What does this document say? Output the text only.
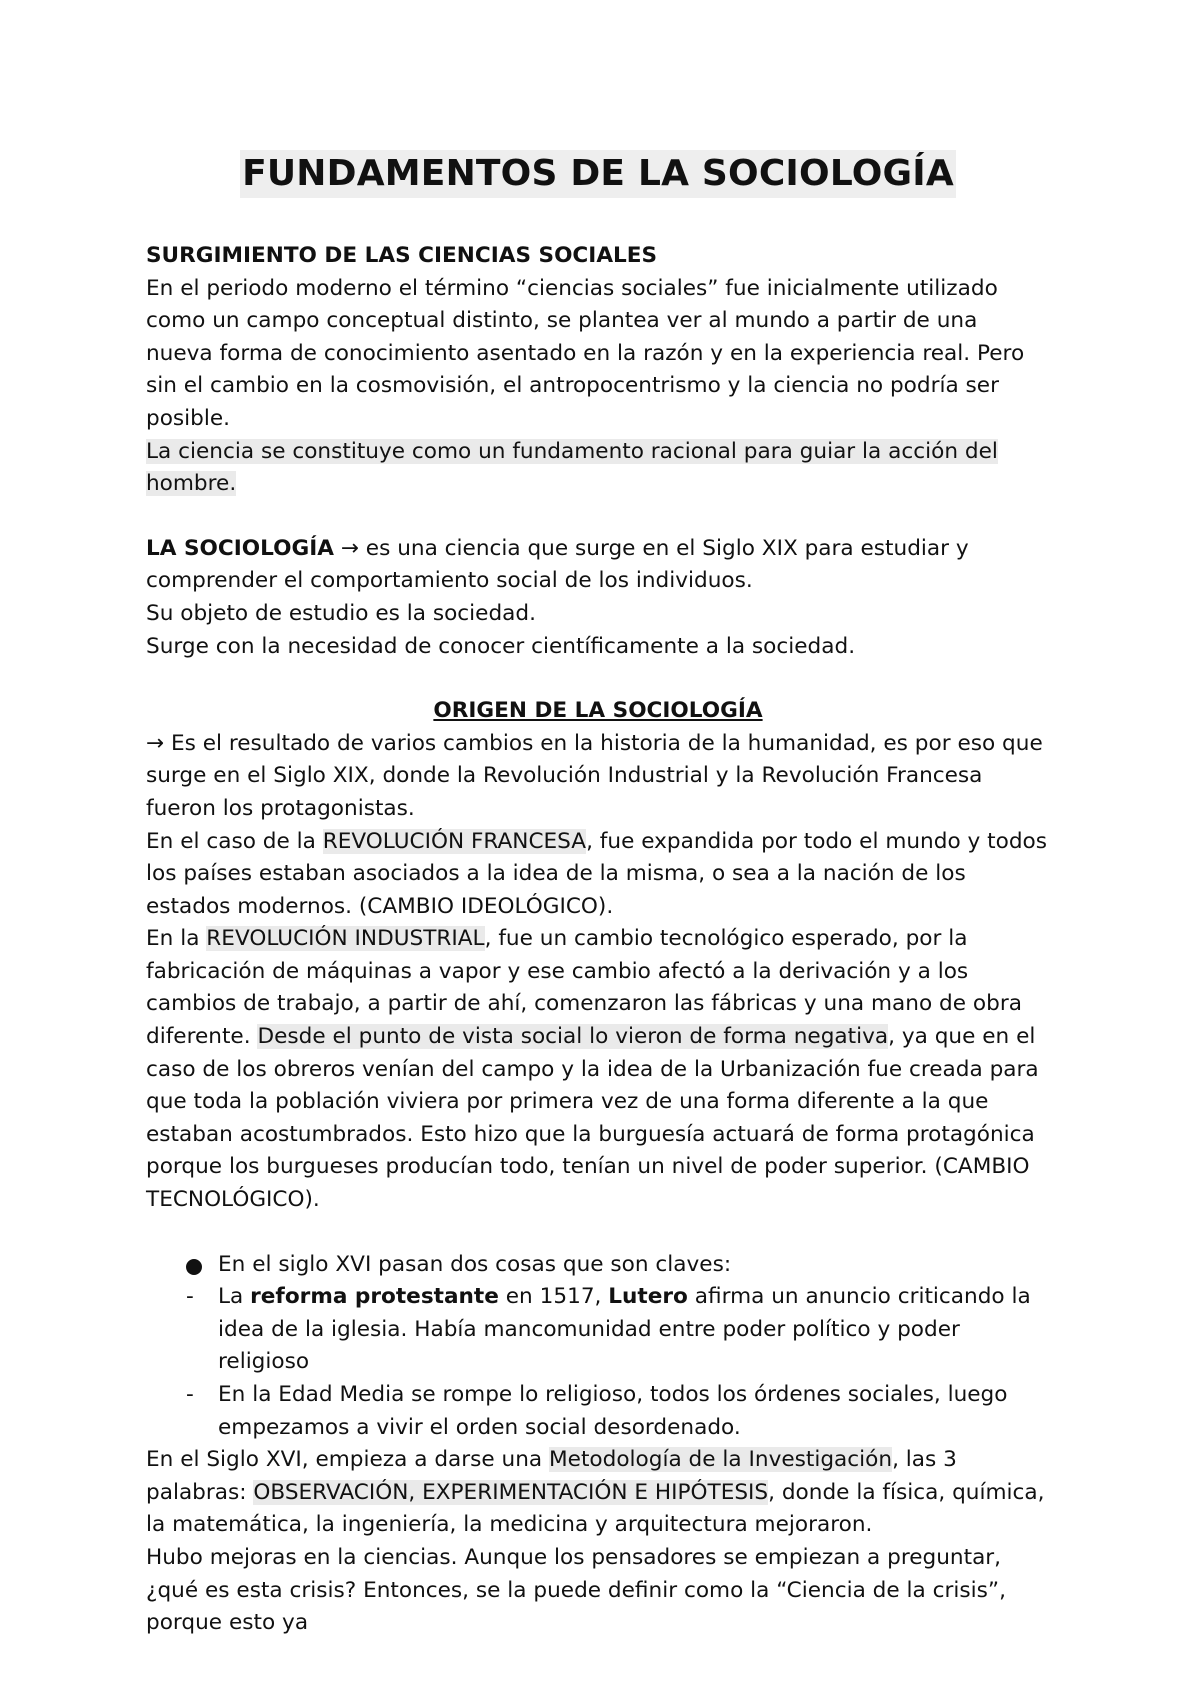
FUNDAMENTOS DE LA SOCIOLOGÍA

SURGIMIENTO DE LAS CIENCIAS SOCIALES

En el periodo moderno el término “ciencias sociales” fue inicialmente utilizado como un campo conceptual distinto, se plantea ver al mundo a partir de una nueva forma de conocimiento asentado en la razón y en la experiencia real. Pero sin el cambio en la cosmovisión, el antropocentrismo y la ciencia no podría ser posible.

La ciencia se constituye como un fundamento racional para guiar la acción del hombre.

LA SOCIOLOGÍA → es una ciencia que surge en el Siglo XIX para estudiar y comprender el comportamiento social de los individuos.

Su objeto de estudio es la sociedad.

Surge con la necesidad de conocer científicamente a la sociedad.

ORIGEN DE LA SOCIOLOGÍA

→ Es el resultado de varios cambios en la historia de la humanidad, es por eso que surge en el Siglo XIX, donde la Revolución Industrial y la Revolución Francesa fueron los protagonistas.

En el caso de la REVOLUCIÓN FRANCESA, fue expandida por todo el mundo y todos los países estaban asociados a la idea de la misma, o sea a la nación de los estados modernos. (CAMBIO IDEOLÓGICO).

En la REVOLUCIÓN INDUSTRIAL, fue un cambio tecnológico esperado, por la fabricación de máquinas a vapor y ese cambio afectó a la derivación y a los cambios de trabajo, a partir de ahí, comenzaron las fábricas y una mano de obra diferente. Desde el punto de vista social lo vieron de forma negativa, ya que en el caso de los obreros venían del campo y la idea de la Urbanización fue creada para que toda la población viviera por primera vez de una forma diferente a la que estaban acostumbrados. Esto hizo que la burguesía actuará de forma protagónica porque los burgueses producían todo, tenían un nivel de poder superior. (CAMBIO TECNOLÓGICO).

En el siglo XVI pasan dos cosas que son claves:
- La reforma protestante en 1517, Lutero afirma un anuncio criticando la idea de la iglesia. Había mancomunidad entre poder político y poder religioso
- En la Edad Media se rompe lo religioso, todos los órdenes sociales, luego empezamos a vivir el orden social desordenado.

En el Siglo XVI, empieza a darse una Metodología de la Investigación, las 3 palabras: OBSERVACIÓN, EXPERIMENTACIÓN E HIPÓTESIS, donde la física, química, la matemática, la ingeniería, la medicina y arquitectura mejoraron.

Hubo mejoras en la ciencias. Aunque los pensadores se empiezan a preguntar, ¿qué es esta crisis? Entonces, se la puede definir como la “Ciencia de la crisis”, porque esto ya
